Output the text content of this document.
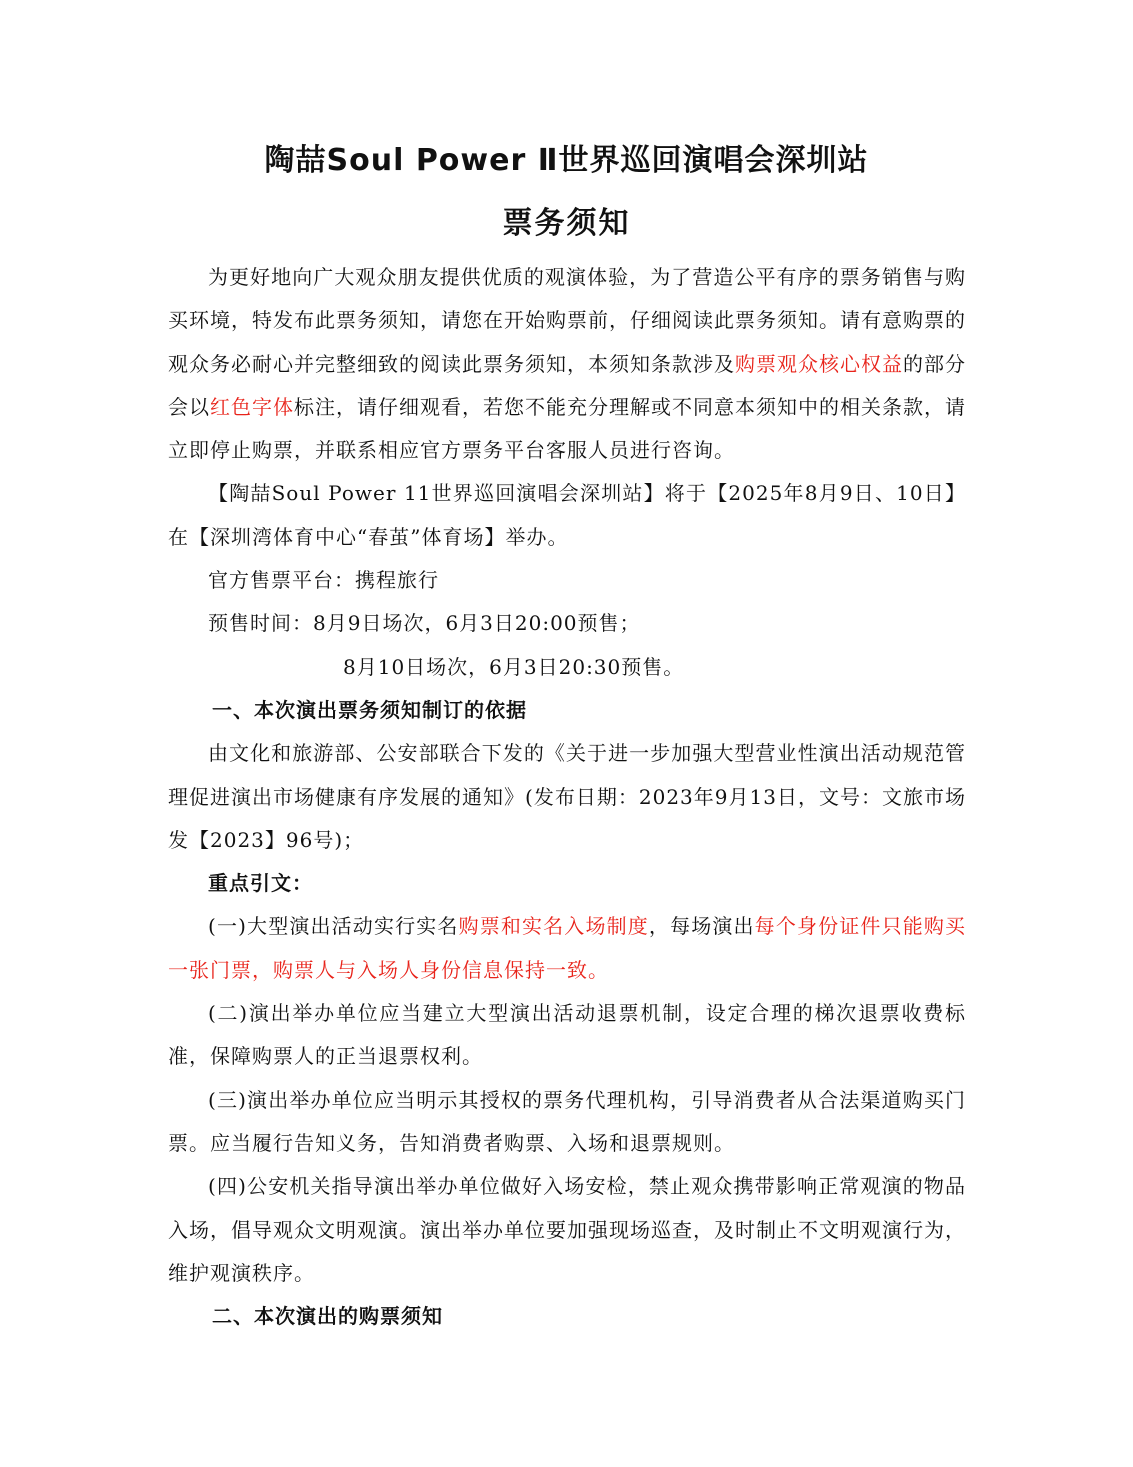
陶喆Soul Power Ⅱ世界巡回演唱会深圳站
票务须知

为更好地向广大观众朋友提供优质的观演体验，为了营造公平有序的票务销售与购买环境，特发布此票务须知，请您在开始购票前，仔细阅读此票务须知。请有意购票的观众务必耐心并完整细致的阅读此票务须知，本须知条款涉及购票观众核心权益的部分会以红色字体标注，请仔细观看，若您不能充分理解或不同意本须知中的相关条款，请立即停止购票，并联系相应官方票务平台客服人员进行咨询。

【陶喆Soul Power 11世界巡回演唱会深圳站】将于【2025年8月9日、10日】在【深圳湾体育中心“春茧”体育场】举办。

官方售票平台：携程旅行

预售时间：8月9日场次，6月3日20:00预售；

8月10日场次，6月3日20:30预售。

一、本次演出票务须知制订的依据

由文化和旅游部、公安部联合下发的《关于进一步加强大型营业性演出活动规范管理促进演出市场健康有序发展的通知》(发布日期：2023年9月13日，文号：文旅市场发【2023】96号)；

重点引文：

(一)大型演出活动实行实名购票和实名入场制度，每场演出每个身份证件只能购买一张门票，购票人与入场人身份信息保持一致。

(二)演出举办单位应当建立大型演出活动退票机制，设定合理的梯次退票收费标准，保障购票人的正当退票权利。

(三)演出举办单位应当明示其授权的票务代理机构，引导消费者从合法渠道购买门票。应当履行告知义务，告知消费者购票、入场和退票规则。

(四)公安机关指导演出举办单位做好入场安检，禁止观众携带影响正常观演的物品入场，倡导观众文明观演。演出举办单位要加强现场巡查，及时制止不文明观演行为，维护观演秩序。

二、本次演出的购票须知
